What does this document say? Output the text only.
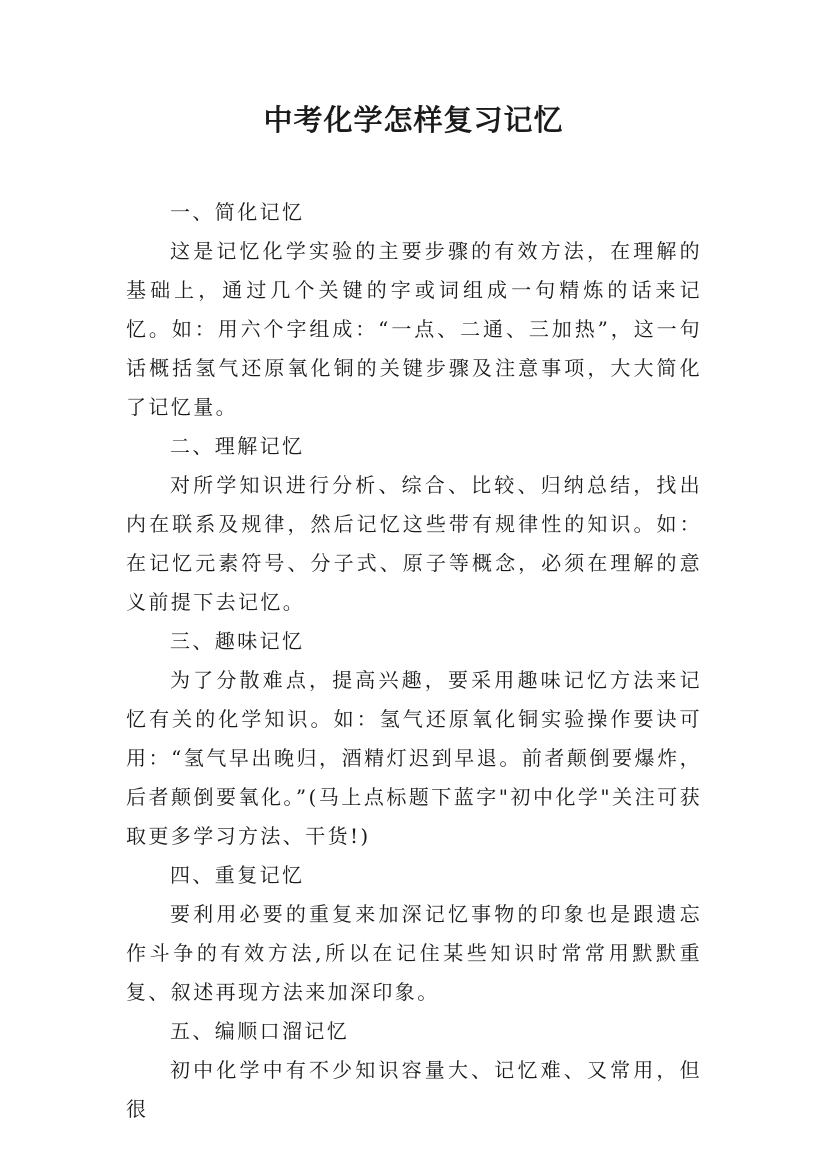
中考化学怎样复习记忆

一、简化记忆

这是记忆化学实验的主要步骤的有效方法，在理解的基础上，通过几个关键的字或词组成一句精炼的话来记忆。如：用六个字组成：“一点、二通、三加热”，这一句话概括氢气还原氧化铜的关键步骤及注意事项，大大简化了记忆量。

二、理解记忆

对所学知识进行分析、综合、比较、归纳总结，找出内在联系及规律，然后记忆这些带有规律性的知识。如：在记忆元素符号、分子式、原子等概念，必须在理解的意义前提下去记忆。

三、趣味记忆

为了分散难点，提高兴趣，要采用趣味记忆方法来记忆有关的化学知识。如：氢气还原氧化铜实验操作要诀可用：“氢气早出晚归，酒精灯迟到早退。前者颠倒要爆炸，后者颠倒要氧化。”(马上点标题下蓝字"初中化学"关注可获取更多学习方法、干货!)

四、重复记忆

要利用必要的重复来加深记忆事物的印象也是跟遗忘作斗争的有效方法,所以在记住某些知识时常常用默默重复、叙述再现方法来加深印象。

五、编顺口溜记忆

初中化学中有不少知识容量大、记忆难、又常用，但很
